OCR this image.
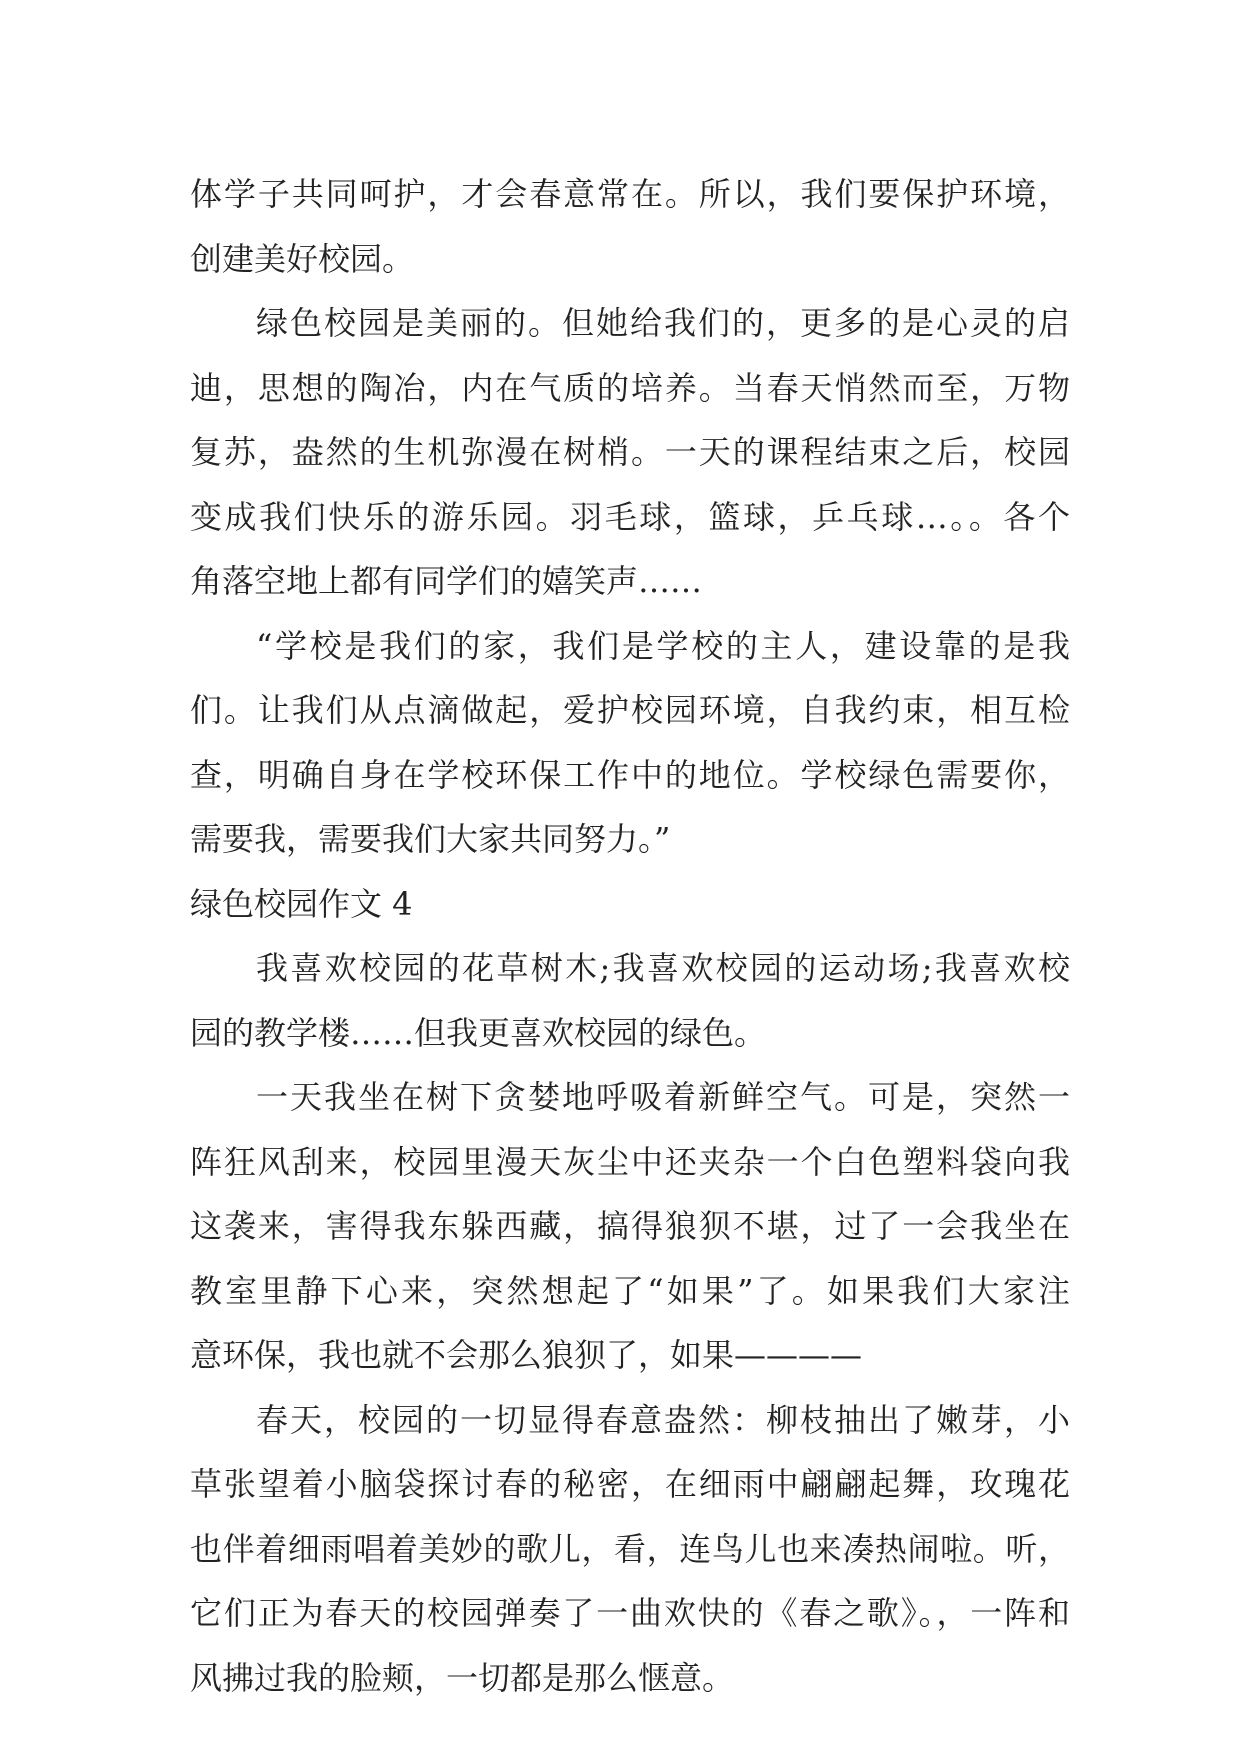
体学子共同呵护，才会春意常在。所以，我们要保护环境，
创建美好校园。
绿色校园是美丽的。但她给我们的，更多的是心灵的启
迪，思想的陶冶，内在气质的培养。当春天悄然而至，万物
复苏，盎然的生机弥漫在树梢。一天的课程结束之后，校园
变成我们快乐的游乐园。羽毛球，篮球，乒乓球…。。各个
角落空地上都有同学们的嬉笑声……
“学校是我们的家，我们是学校的主人，建设靠的是我
们。让我们从点滴做起，爱护校园环境，自我约束，相互检
查，明确自身在学校环保工作中的地位。学校绿色需要你，
需要我，需要我们大家共同努力。”
绿色校园作文 4
我喜欢校园的花草树木;我喜欢校园的运动场;我喜欢校
园的教学楼……但我更喜欢校园的绿色。
一天我坐在树下贪婪地呼吸着新鲜空气。可是，突然一
阵狂风刮来，校园里漫天灰尘中还夹杂一个白色塑料袋向我
这袭来，害得我东躲西藏，搞得狼狈不堪，过了一会我坐在
教室里静下心来，突然想起了“如果”了。如果我们大家注
意环保，我也就不会那么狼狈了，如果————
春天，校园的一切显得春意盎然：柳枝抽出了嫩芽，小
草张望着小脑袋探讨春的秘密，在细雨中翩翩起舞，玫瑰花
也伴着细雨唱着美妙的歌儿，看，连鸟儿也来凑热闹啦。听，
它们正为春天的校园弹奏了一曲欢快的《春之歌》。，一阵和
风拂过我的脸颊，一切都是那么惬意。
